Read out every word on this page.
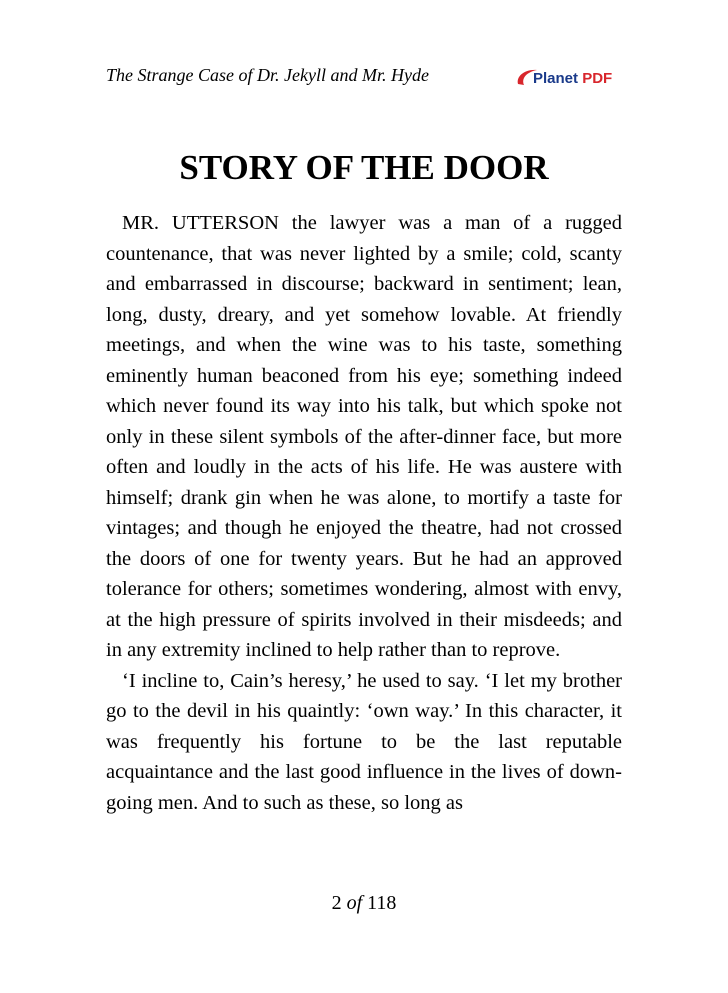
The Strange Case of Dr. Jekyll and Mr. Hyde	Planet PDF
STORY OF THE DOOR

MR. UTTERSON the lawyer was a man of a rugged countenance, that was never lighted by a smile; cold, scanty and embarrassed in discourse; backward in sentiment; lean, long, dusty, dreary, and yet somehow lovable. At friendly meetings, and when the wine was to his taste, something eminently human beaconed from his eye; something indeed which never found its way into his talk, but which spoke not only in these silent symbols of the after-dinner face, but more often and loudly in the acts of his life. He was austere with himself; drank gin when he was alone, to mortify a taste for vintages; and though he enjoyed the theatre, had not crossed the doors of one for twenty years. But he had an approved tolerance for others; sometimes wondering, almost with envy, at the high pressure of spirits involved in their misdeeds; and in any extremity inclined to help rather than to reprove.

‘I incline to, Cain’s heresy,’ he used to say. ‘I let my brother go to the devil in his quaintly: ‘own way.’ In this character, it was frequently his fortune to be the last reputable acquaintance and the last good influence in the lives of down-going men. And to such as these, so long as

2 of 118
